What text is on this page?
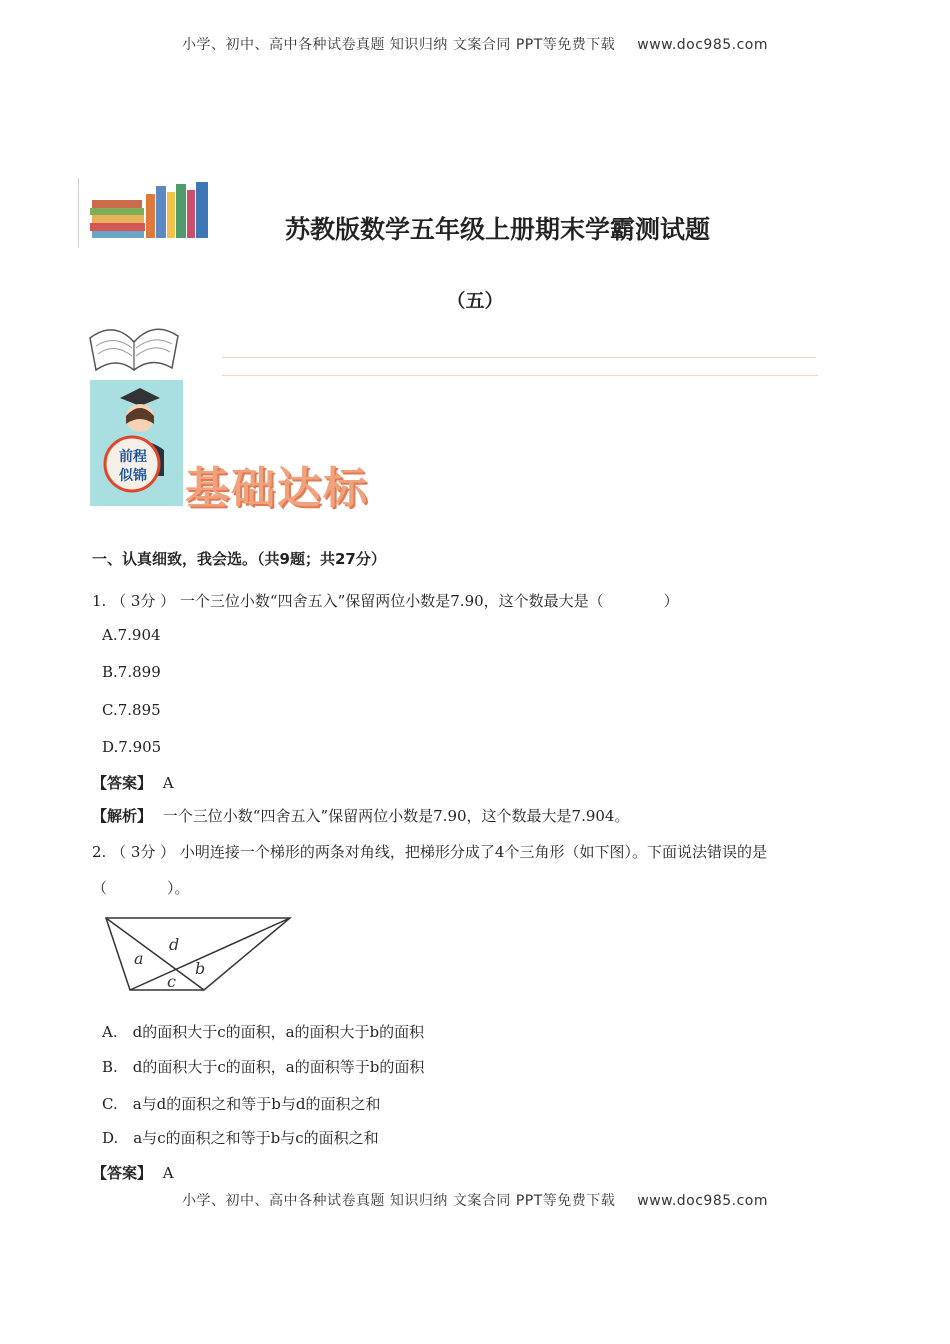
小学、初中、高中各种试卷真题 知识归纳 文案合同 PPT等免费下载 www.doc985.com
苏教版数学五年级上册期末学霸测试题
（五）
前程
似锦 基础达标
一、认真细致，我会选。（共9题；共27分）
1. （ 3分 ） 一个三位小数“四舍五入”保留两位小数是7.90，这个数最大是（　　　　）
A.7.904
B.7.899
C.7.895
D.7.905
【答案】 A
【解析】 一个三位小数“四舍五入”保留两位小数是7.90，这个数最大是7.904。
2. （ 3分 ） 小明连接一个梯形的两条对角线，把梯形分成了4个三角形（如下图）。下面说法错误的是
（　　　　）。
a
b
c
d
A.　d的面积大于c的面积，a的面积大于b的面积
B.　d的面积大于c的面积，a的面积等于b的面积
C.　a与d的面积之和等于b与d的面积之和
D.　a与c的面积之和等于b与c的面积之和
【答案】 A
小学、初中、高中各种试卷真题 知识归纳 文案合同 PPT等免费下载 www.doc985.com
